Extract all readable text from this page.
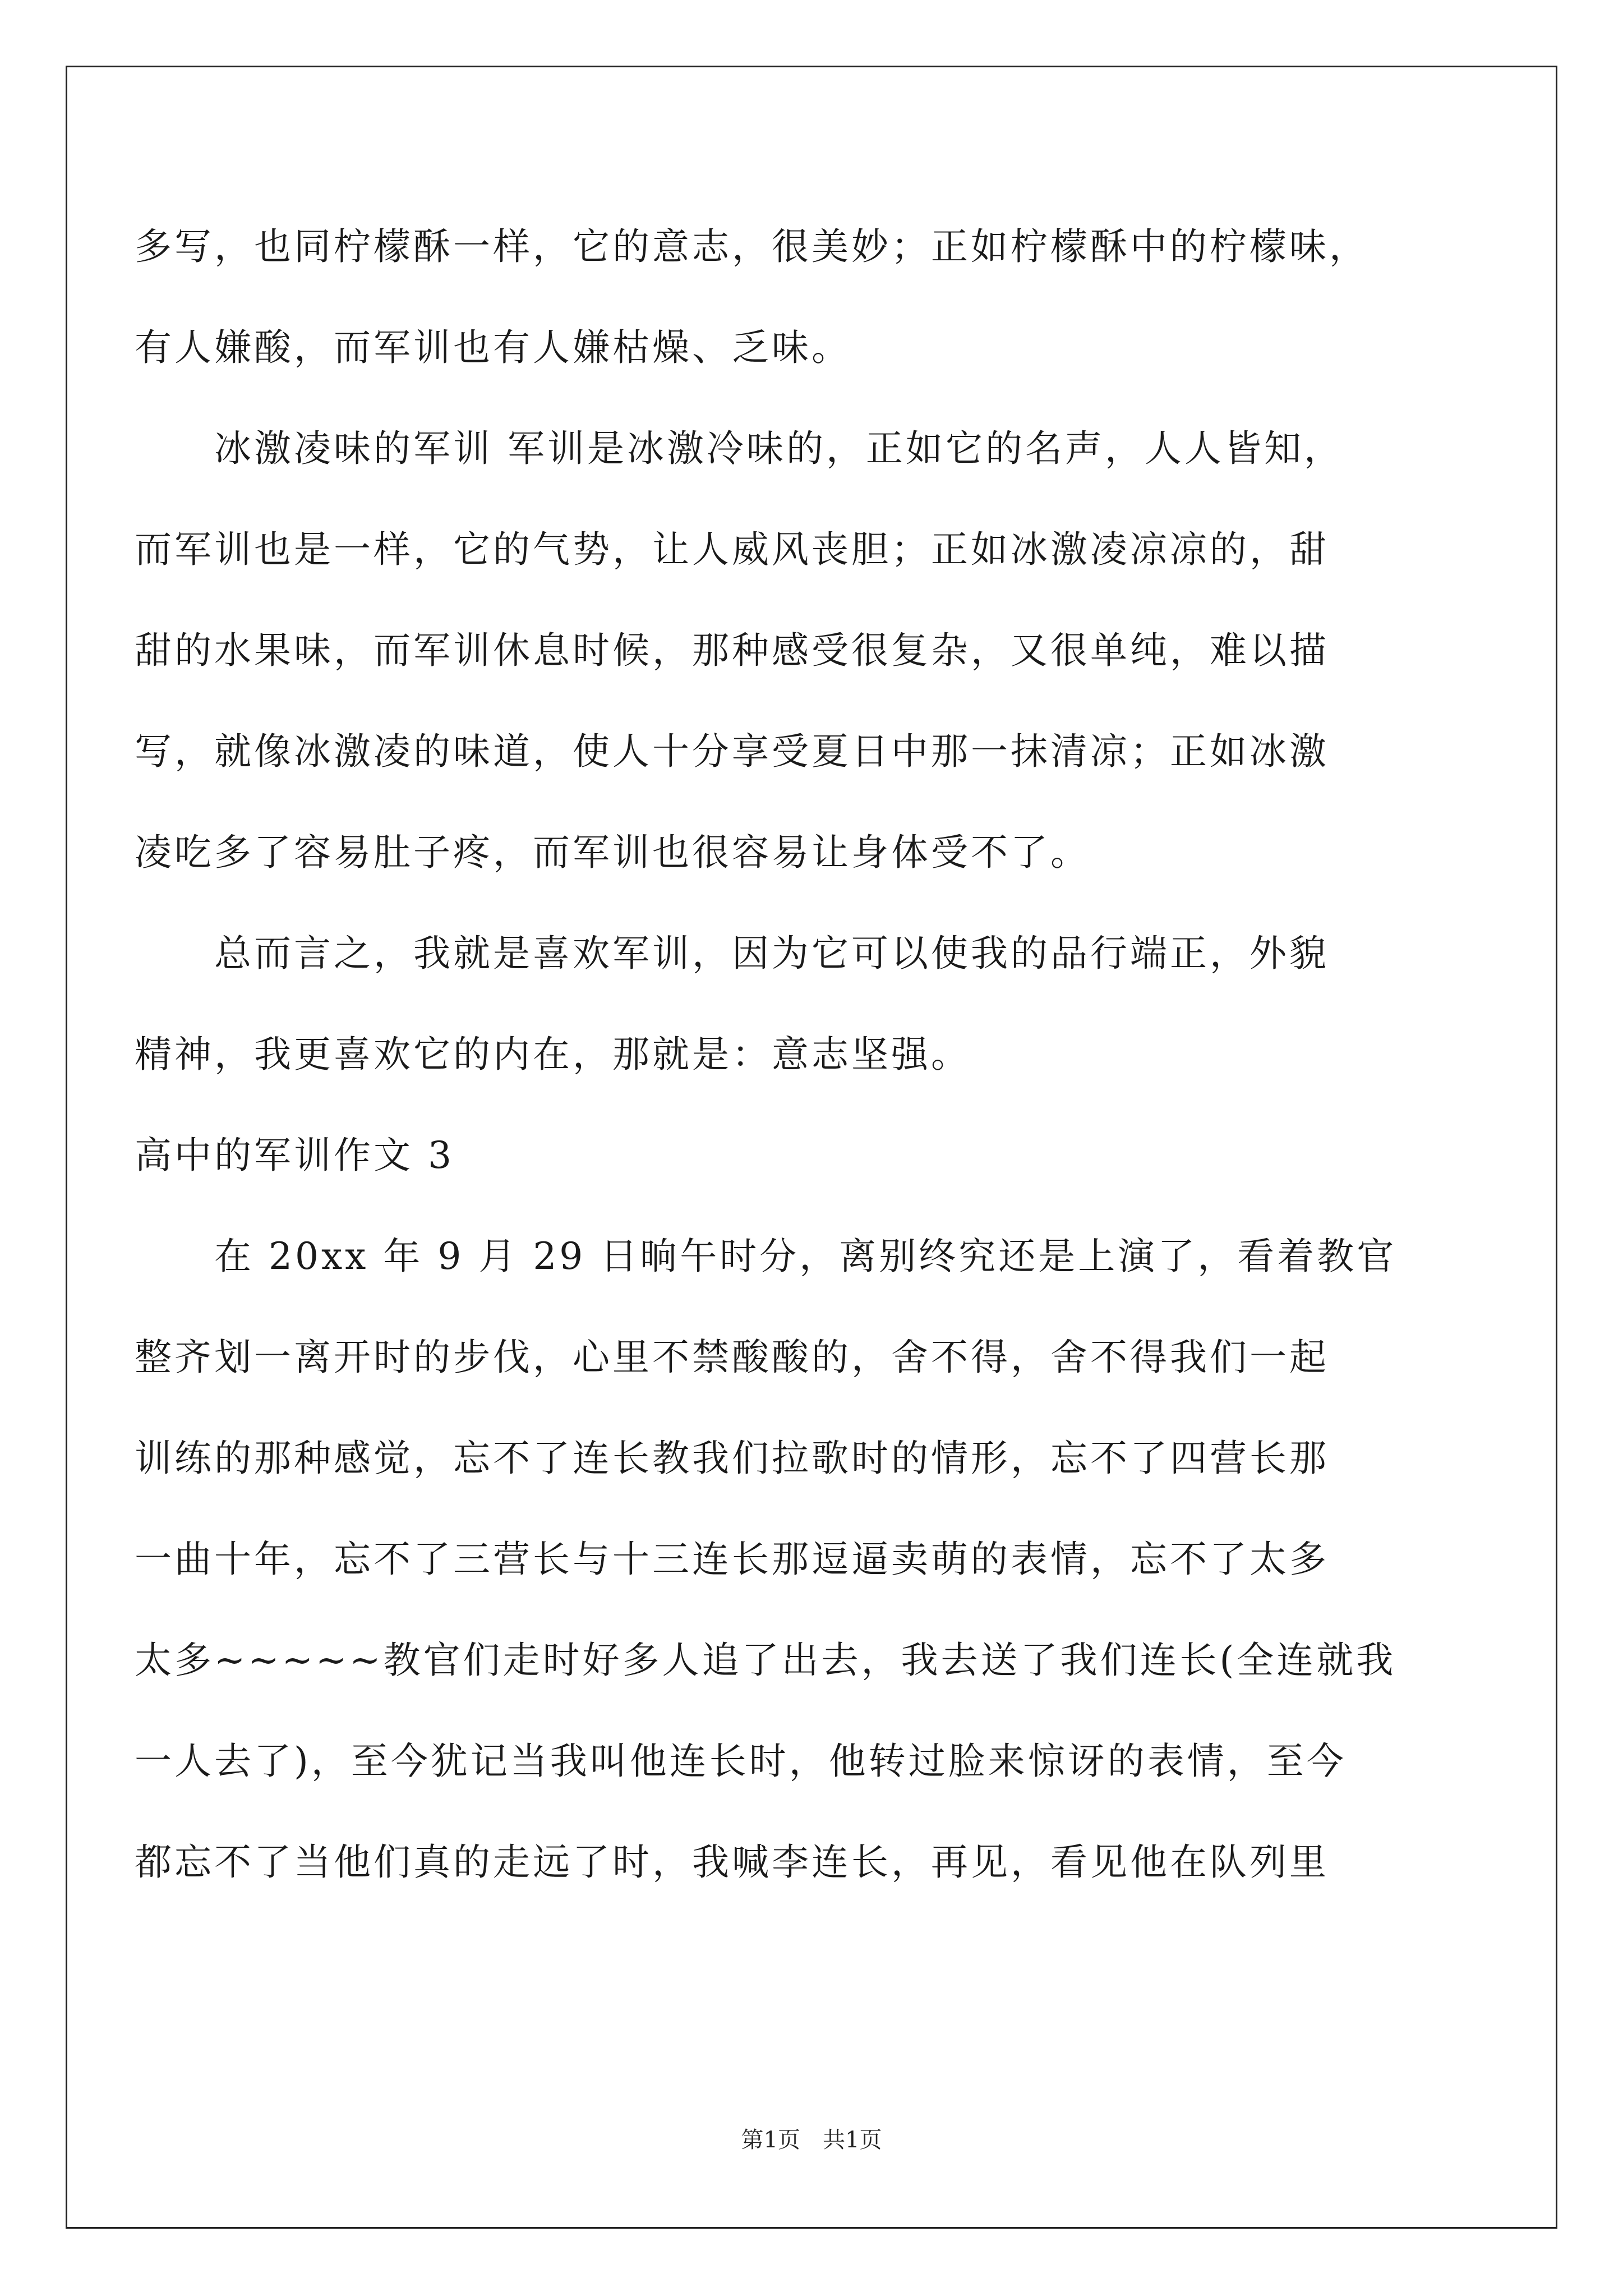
多写，也同柠檬酥一样，它的意志，很美妙；正如柠檬酥中的柠檬味，
有人嫌酸，而军训也有人嫌枯燥、乏味。
　　冰激凌味的军训 军训是冰激冷味的，正如它的名声，人人皆知，
而军训也是一样，它的气势，让人威风丧胆；正如冰激凌凉凉的，甜
甜的水果味，而军训休息时候，那种感受很复杂，又很单纯，难以描
写，就像冰激凌的味道，使人十分享受夏日中那一抹清凉；正如冰激
凌吃多了容易肚子疼，而军训也很容易让身体受不了。
　　总而言之，我就是喜欢军训，因为它可以使我的品行端正，外貌
精神，我更喜欢它的内在，那就是：意志坚强。
高中的军训作文 3
　　在 20xx 年 9 月 29 日晌午时分，离别终究还是上演了，看着教官
整齐划一离开时的步伐，心里不禁酸酸的，舍不得，舍不得我们一起
训练的那种感觉，忘不了连长教我们拉歌时的情形，忘不了四营长那
一曲十年，忘不了三营长与十三连长那逗逼卖萌的表情，忘不了太多
太多~~~~~教官们走时好多人追了出去，我去送了我们连长(全连就我
一人去了)，至今犹记当我叫他连长时，他转过脸来惊讶的表情，至今
都忘不了当他们真的走远了时，我喊李连长，再见，看见他在队列里
第1页　共1页
